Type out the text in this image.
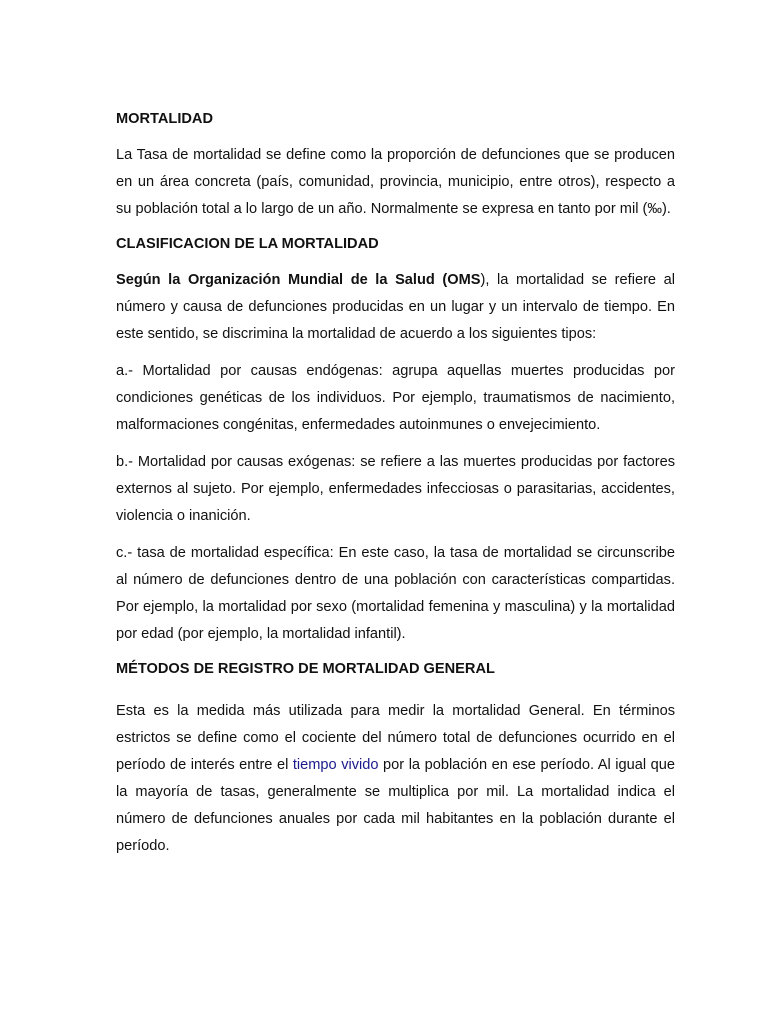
MORTALIDAD

La Tasa de mortalidad se define como la proporción de defunciones que se producen en un área concreta (país, comunidad, provincia, municipio, entre otros), respecto a su población total a lo largo de un año. Normalmente se expresa en tanto por mil (‰).

CLASIFICACION DE LA MORTALIDAD

Según la Organización Mundial de la Salud (OMS), la mortalidad se refiere al número y causa de defunciones producidas en un lugar y un intervalo de tiempo. En este sentido, se discrimina la mortalidad de acuerdo a los siguientes tipos:

a.- Mortalidad por causas endógenas: agrupa aquellas muertes producidas por condiciones genéticas de los individuos. Por ejemplo, traumatismos de nacimiento, malformaciones congénitas, enfermedades autoinmunes o envejecimiento.

b.- Mortalidad por causas exógenas: se refiere a las muertes producidas por factores externos al sujeto. Por ejemplo, enfermedades infecciosas o parasitarias, accidentes, violencia o inanición.

c.- tasa de mortalidad específica: En este caso, la tasa de mortalidad se circunscribe al número de defunciones dentro de una población con características compartidas. Por ejemplo, la mortalidad por sexo (mortalidad femenina y masculina) y la mortalidad por edad (por ejemplo, la mortalidad infantil).

MÉTODOS DE REGISTRO DE MORTALIDAD GENERAL

Esta es la medida más utilizada para medir la mortalidad General. En términos estrictos se define como el cociente del número total de defunciones ocurrido en el período de interés entre el tiempo vivido por la población en ese período. Al igual que la mayoría de tasas, generalmente se multiplica por mil. La mortalidad indica el número de defunciones anuales por cada mil habitantes en la población durante el período.
